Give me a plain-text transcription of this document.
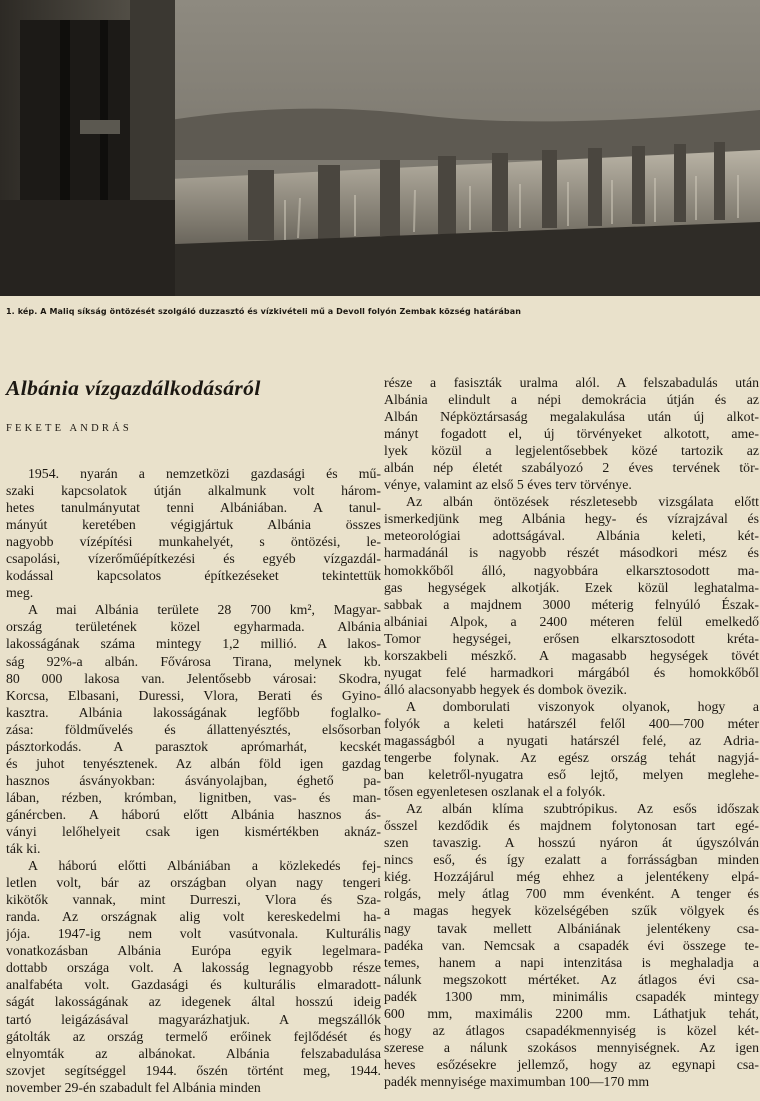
1. kép. A Maliq síkság öntözését szolgáló duzzasztó és vízkivételi mű a Devoll folyón Zembak község határában
Albánia vízgazdálkodásáról
FEKETE ANDRÁS

1954. nyarán a nemzetközi gazdasági és mű-
szaki kapcsolatok útján alkalmunk volt három-
hetes tanulmányutat tenni Albániában. A tanul-
mányút keretében végigjártuk Albánia összes
nagyobb vízépítési munkahelyét, s öntözési, le-
csapolási, vízerőműépítkezési és egyéb vízgazdál-
kodással kapcsolatos építkezéseket tekintettük
meg.

A mai Albánia területe 28 700 km², Magyar-
ország területének közel egyharmada. Albánia
lakosságának száma mintegy 1,2 millió. A lakos-
ság 92%-a albán. Fővárosa Tirana, melynek kb.
80 000 lakosa van. Jelentősebb városai: Skodra,
Korcsa, Elbasani, Duressi, Vlora, Berati és Gyino-
kasztra. Albánia lakosságának legfőbb foglalko-
zása: földművelés és állattenyésztés, elsősorban
pásztorkodás. A parasztok aprómarhát, kecskét
és juhot tenyésztenek. Az albán föld igen gazdag
hasznos ásványokban: ásványolajban, éghető pa-
lában, rézben, krómban, lignitben, vas- és man-
gánércben. A háború előtt Albánia hasznos ás-
ványi lelőhelyeit csak igen kismértékben aknáz-
ták ki.

A háború előtti Albániában a közlekedés fej-
letlen volt, bár az országban olyan nagy tengeri
kikötők vannak, mint Durreszi, Vlora és Sza-
randa. Az országnak alig volt kereskedelmi ha-
jója. 1947-ig nem volt vasútvonala. Kulturális
vonatkozásban Albánia Európa egyik legelmara-
dottabb országa volt. A lakosság legnagyobb része
analfabéta volt. Gazdasági és kulturális elmaradott-
ságát lakosságának az idegenek által hosszú ideig
tartó leigázásával magyarázhatjuk. A megszállók
gátolták az ország termelő erőinek fejlődését és
elnyomták az albánokat. Albánia felszabadulása
szovjet segítséggel 1944. őszén történt meg, 1944.
november 29-én szabadult fel Albánia minden

része a fasiszták uralma alól. A felszabadulás után
Albánia elindult a népi demokrácia útján és az
Albán Népköztársaság megalakulása után új alkot-
mányt fogadott el, új törvényeket alkotott, ame-
lyek közül a legjelentősebbek közé tartozik az
albán nép életét szabályozó 2 éves tervének tör-
vénye, valamint az első 5 éves terv törvénye.

Az albán öntözések részletesebb vizsgálata előtt
ismerkedjünk meg Albánia hegy- és vízrajzával és
meteorológiai adottságával. Albánia keleti, két-
harmadánál is nagyobb részét másodkori mész és
homokkőből álló, nagyobbára elkarsztosodott ma-
gas hegységek alkotják. Ezek közül leghatalma-
sabbak a majdnem 3000 méterig felnyúló Észak-
albániai Alpok, a 2400 méteren felül emelkedő
Tomor hegységei, erősen elkarsztosodott kréta-
korszakbeli mészkő. A magasabb hegységek tövét
nyugat felé harmadkori márgából és homokkőből
álló alacsonyabb hegyek és dombok övezik.

A domborulati viszonyok olyanok, hogy a
folyók a keleti határszél felől 400—700 méter
magasságból a nyugati határszél felé, az Adria-
tengerbe folynak. Az egész ország tehát nagyjá-
ban keletről-nyugatra eső lejtő, melyen meglehe-
tősen egyenletesen oszlanak el a folyók.

Az albán klíma szubtrópikus. Az esős időszak
ősszel kezdődik és majdnem folytonosan tart egé-
szen tavaszig. A hosszú nyáron át úgyszólván
nincs eső, és így ezalatt a forrásságban minden
kiég. Hozzájárul még ehhez a jelentékeny elpá-
rolgás, mely átlag 700 mm évenként. A tenger és
a magas hegyek közelségében szűk völgyek és
nagy tavak mellett Albániának jelentékeny csa-
padéka van. Nemcsak a csapadék évi összege te-
temes, hanem a napi intenzitása is meghaladja a
nálunk megszokott mértéket. Az átlagos évi csa-
padék 1300 mm, minimális csapadék mintegy
600 mm, maximális 2200 mm. Láthatjuk tehát,
hogy az átlagos csapadékmennyiség is közel két-
szerese a nálunk szokásos mennyiségnek. Az igen
heves esőzésekre jellemző, hogy az egynapi csa-
padék mennyisége maximumban 100—170 mm
